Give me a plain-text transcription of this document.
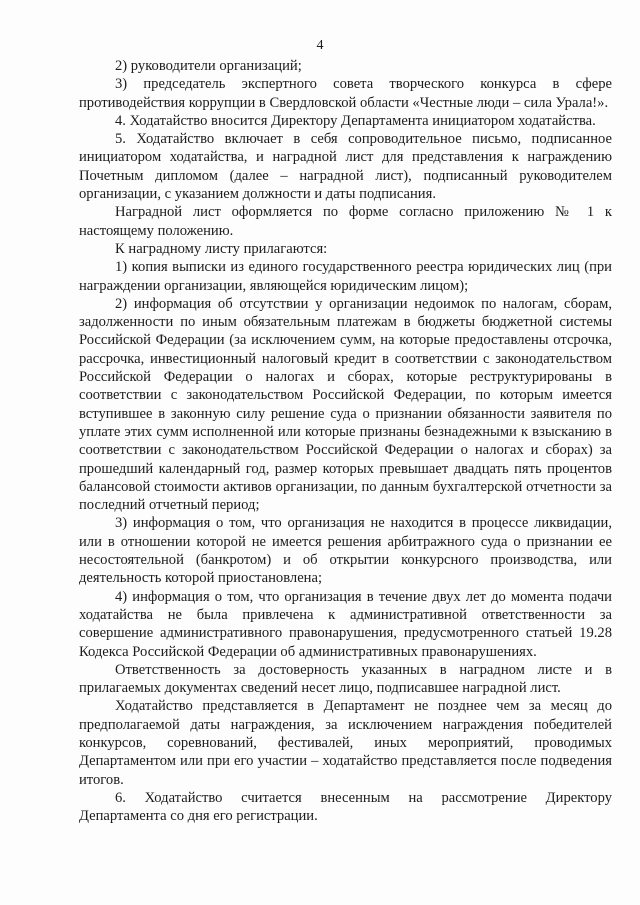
4

2) руководители организаций;

3) председатель экспертного совета творческого конкурса в сфере противодействия коррупции в Свердловской области «Честные люди – сила Урала!».

4. Ходатайство вносится Директору Департамента инициатором ходатайства.

5. Ходатайство включает в себя сопроводительное письмо, подписанное инициатором ходатайства, и наградной лист для представления к награждению Почетным дипломом (далее – наградной лист), подписанный руководителем организации, с указанием должности и даты подписания.

Наградной лист оформляется по форме согласно приложению № 1 к настоящему положению.

К наградному листу прилагаются:

1) копия выписки из единого государственного реестра юридических лиц (при награждении организации, являющейся юридическим лицом);

2) информация об отсутствии у организации недоимок по налогам, сборам, задолженности по иным обязательным платежам в бюджеты бюджетной системы Российской Федерации (за исключением сумм, на которые предоставлены отсрочка, рассрочка, инвестиционный налоговый кредит в соответствии с законодательством Российской Федерации о налогах и сборах, которые реструктурированы в соответствии с законодательством Российской Федерации, по которым имеется вступившее в законную силу решение суда о признании обязанности заявителя по уплате этих сумм исполненной или которые признаны безнадежными к взысканию в соответствии с законодательством Российской Федерации о налогах и сборах) за прошедший календарный год, размер которых превышает двадцать пять процентов балансовой стоимости активов организации, по данным бухгалтерской отчетности за последний отчетный период;

3) информация о том, что организация не находится в процессе ликвидации, или в отношении которой не имеется решения арбитражного суда о признании ее несостоятельной (банкротом) и об открытии конкурсного производства, или деятельность которой приостановлена;

4) информация о том, что организация в течение двух лет до момента подачи ходатайства не была привлечена к административной ответственности за совершение административного правонарушения, предусмотренного статьей 19.28 Кодекса Российской Федерации об административных правонарушениях.

Ответственность за достоверность указанных в наградном листе и в прилагаемых документах сведений несет лицо, подписавшее наградной лист.

Ходатайство представляется в Департамент не позднее чем за месяц до предполагаемой даты награждения, за исключением награждения победителей конкурсов, соревнований, фестивалей, иных мероприятий, проводимых Департаментом или при его участии – ходатайство представляется после подведения итогов.

6. Ходатайство считается внесенным на рассмотрение Директору Департамента со дня его регистрации.
